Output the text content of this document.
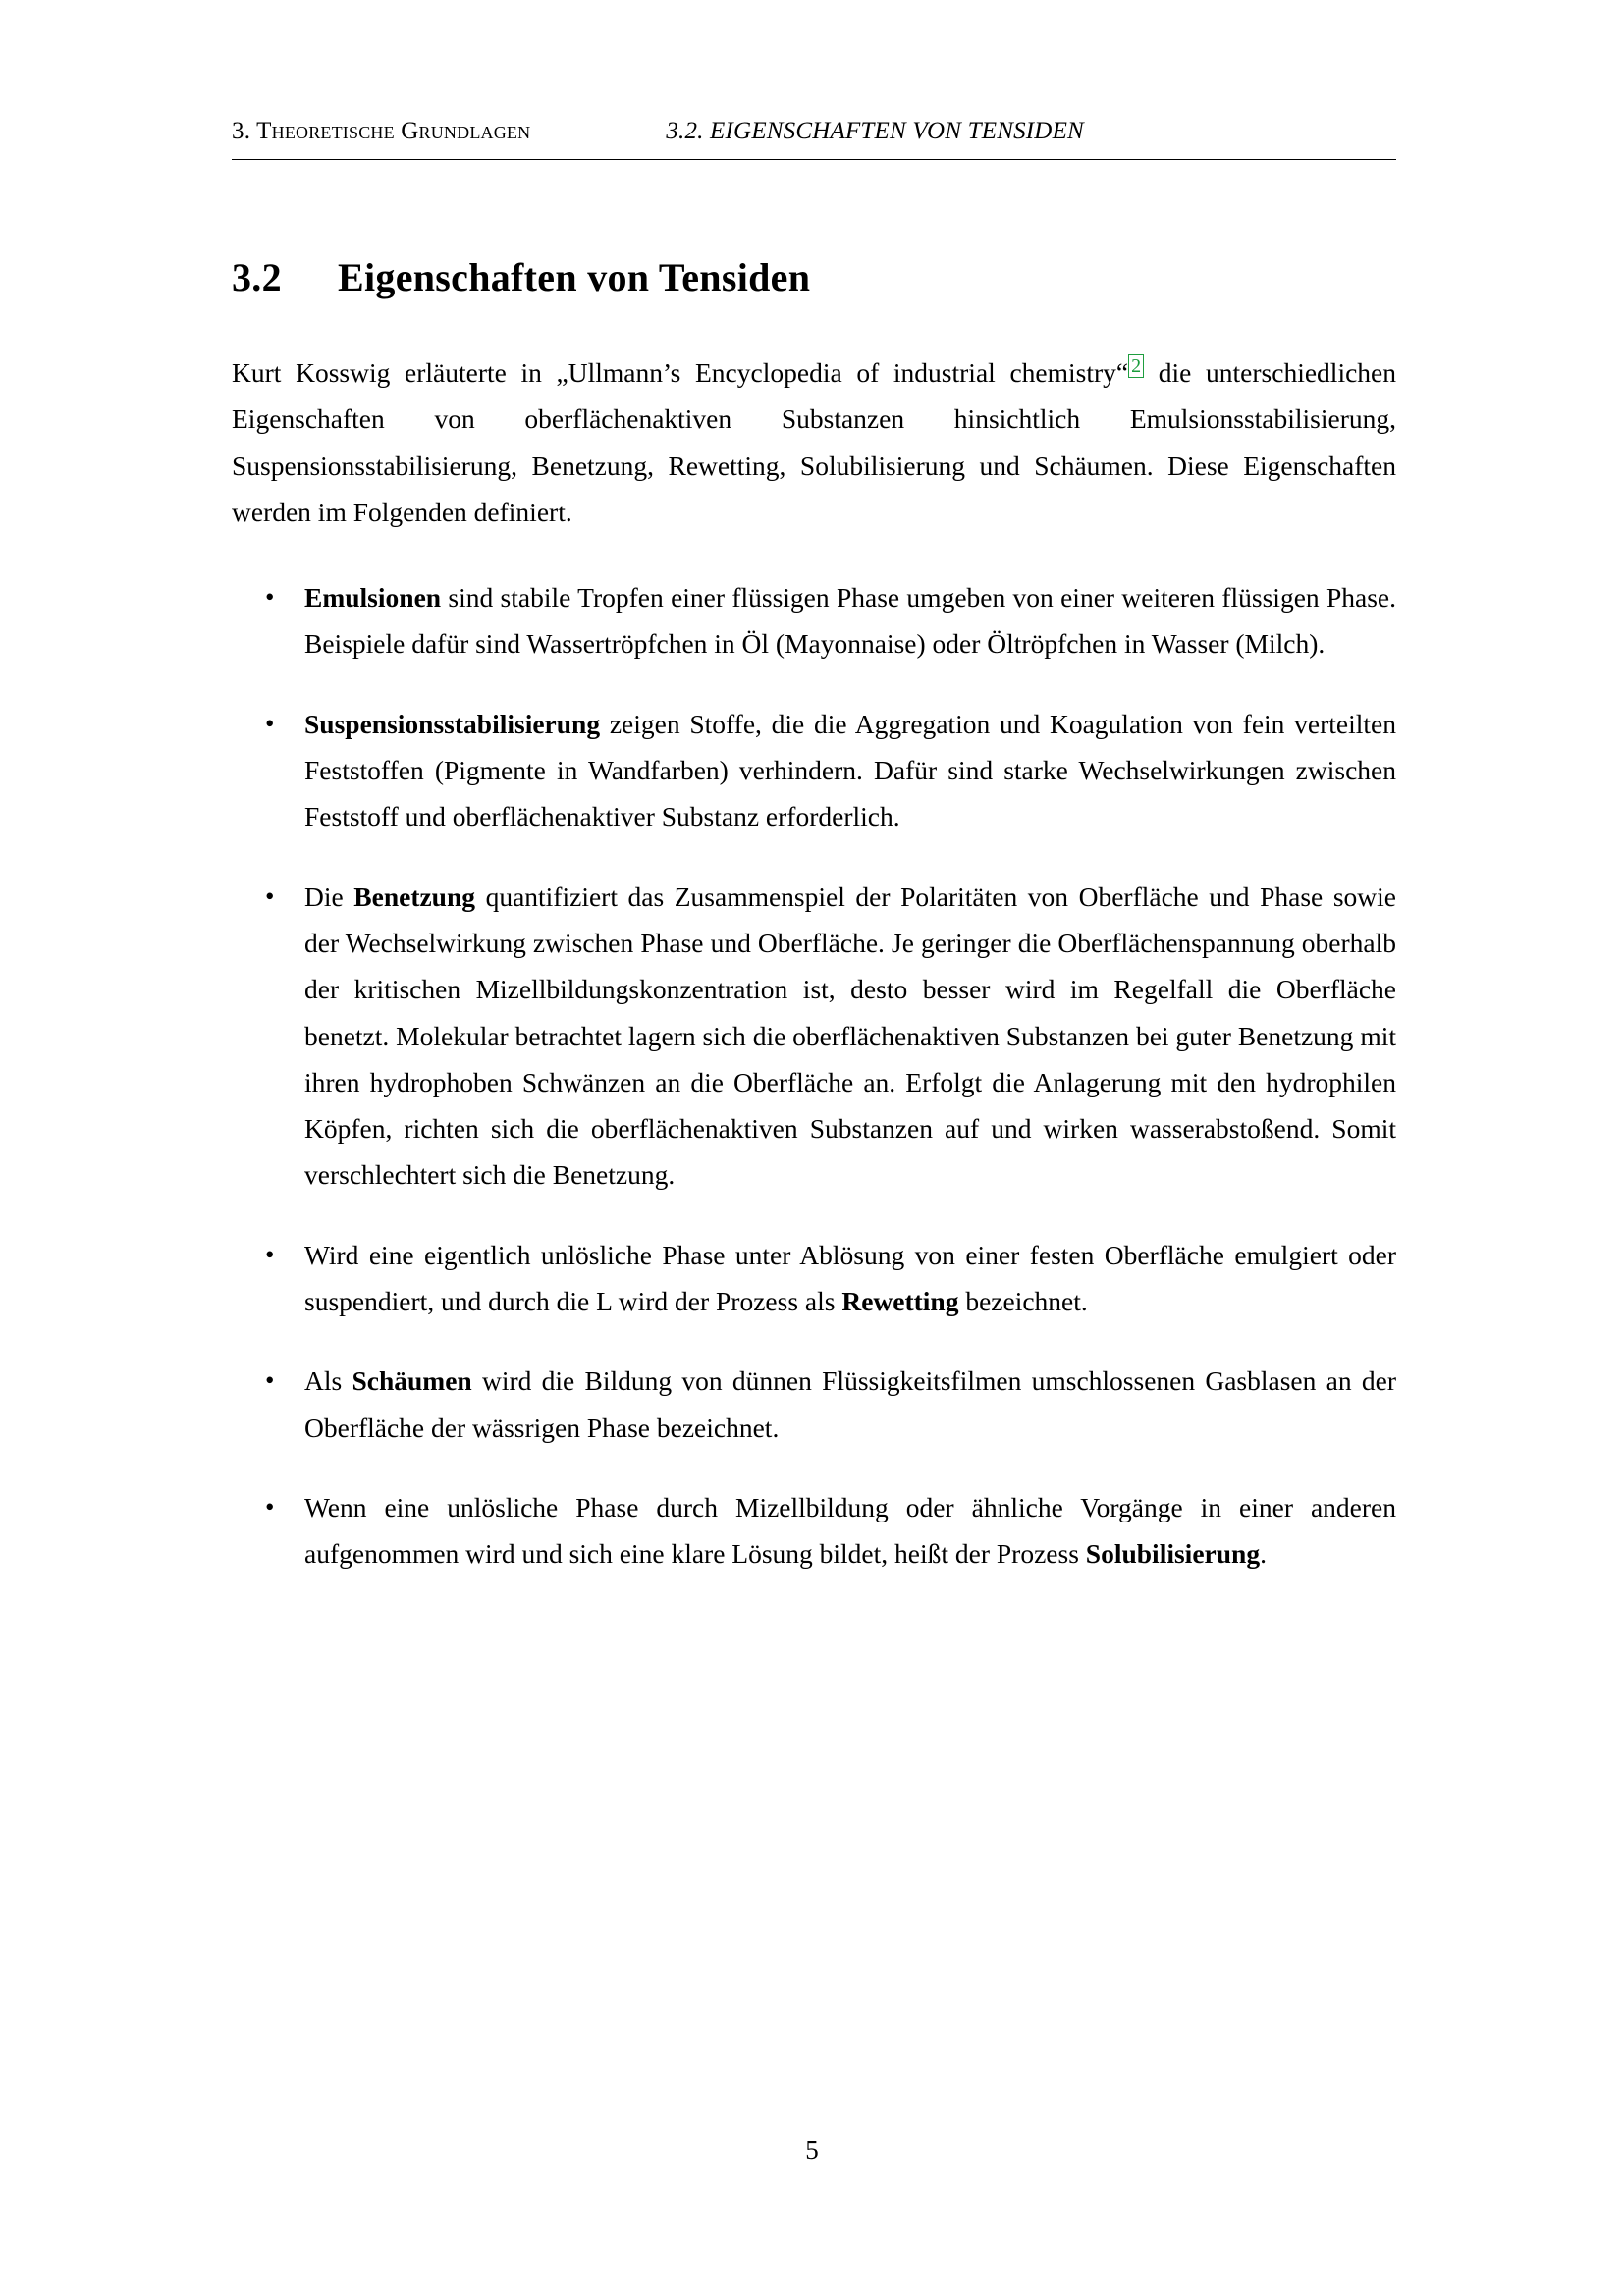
3. Theoretische Grundlagen	3.2. EIGENSCHAFTEN VON TENSIDEN
3.2	Eigenschaften von Tensiden

Kurt Kosswig erläuterte in „Ullmann’s Encyclopedia of industrial chemistry“ $^2$ die unterschiedlichen Eigenschaften von oberflächenaktiven Substanzen hinsichtlich Emulsionsstabilisierung, Suspensionsstabilisierung, Benetzung, Rewetting, Solubilisierung und Schäumen. Diese Eigenschaften werden im Folgenden definiert.

• Emulsionen sind stabile Tropfen einer flüssigen Phase umgeben von einer weiteren flüssigen Phase. Beispiele dafür sind Wassertröpfchen in Öl (Mayonnaise) oder Öltröpfchen in Wasser (Milch).
• Suspensionsstabilisierung zeigen Stoffe, die die Aggregation und Koagulation von fein verteilten Feststoffen (Pigmente in Wandfarben) verhindern. Dafür sind starke Wechselwirkungen zwischen Feststoff und oberflächenaktiver Substanz erforderlich.
• Die Benetzung quantifiziert das Zusammenspiel der Polaritäten von Oberfläche und Phase sowie der Wechselwirkung zwischen Phase und Oberfläche. Je geringer die Oberflächenspannung oberhalb der kritischen Mizellbildungskonzentration ist, desto besser wird im Regelfall die Oberfläche benetzt. Molekular betrachtet lagern sich die oberflächenaktiven Substanzen bei guter Benetzung mit ihren hydrophoben Schwänzen an die Oberfläche an. Erfolgt die Anlagerung mit den hydrophilen Köpfen, richten sich die oberflächenaktiven Substanzen auf und wirken wasserabstoßend. Somit verschlechtert sich die Benetzung.
• Wird eine eigentlich unlösliche Phase unter Ablösung von einer festen Oberfläche emulgiert oder suspendiert, und durch die L wird der Prozess als Rewetting bezeichnet.
• Als Schäumen wird die Bildung von dünnen Flüssigkeitsfilmen umschlossenen Gasblasen an der Oberfläche der wässrigen Phase bezeichnet.
• Wenn eine unlösliche Phase durch Mizellbildung oder ähnliche Vorgänge in einer anderen aufgenommen wird und sich eine klare Lösung bildet, heißt der Prozess Solubilisierung.
5
